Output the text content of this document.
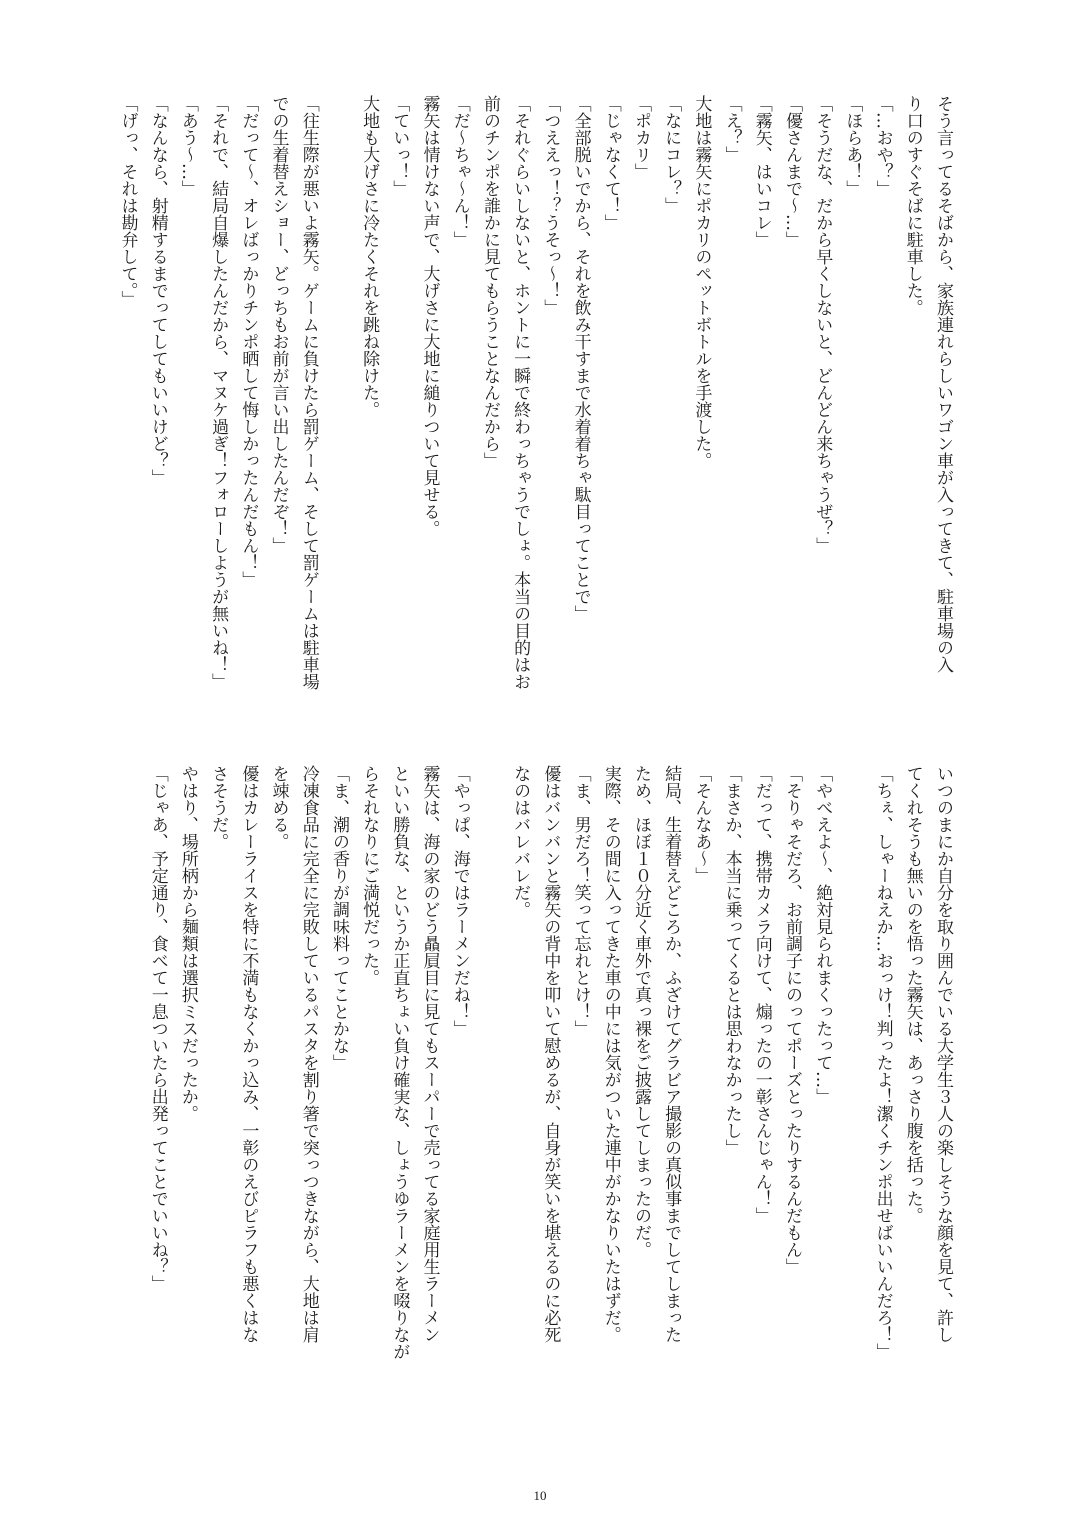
そう言ってるそばから、家族連れらしいワゴン車が入ってきて、駐車場の入
り口のすぐそばに駐車した。
「…おや？」
「ほらあ！」
「そうだな、だから早くしないと、どんどん来ちゃうぜ？」
「優さんまで〜…」
「霧矢、はいコレ」
「え？」
大地は霧矢にポカリのペットボトルを手渡した。
「なにコレ？」
「ポカリ」
「じゃなくて！」
「全部脱いでから、それを飲み干すまで水着着ちゃ駄目ってことで」
「つええっ！？うそっ〜！」
「それぐらいしないと、ホントに一瞬で終わっちゃうでしょ。本当の目的はお
前のチンポを誰かに見てもらうことなんだから」
「だ〜ちゃ〜ん！」
霧矢は情けない声で、大げさに大地に縋りついて見せる。
「ていっ！」
大地も大げさに冷たくそれを跳ね除けた。

「往生際が悪いよ霧矢。ゲームに負けたら罰ゲーム、そして罰ゲームは駐車場
での生着替えショー、どっちもお前が言い出したんだぞ！」
「だって〜、オレばっかりチンポ晒して悔しかったんだもん！」
「それで、結局自爆したんだから、マヌケ過ぎ！フォローしようが無いね！」
「あう〜…」
「なんなら、射精するまでってしてもいいけど？」
「げっ、それは勘弁して。」
いつのまにか自分を取り囲んでいる大学生３人の楽しそうな顔を見て、許し
てくれそうも無いのを悟った霧矢は、あっさり腹を括った。
「ちぇ、しゃーねえか…おっけ！判ったよ！潔くチンポ出せばいいんだろ！」

「やべえよ〜、絶対見られまくったって…」
「そりゃそだろ、お前調子にのってポーズとったりするんだもん」
「だって、携帯カメラ向けて、煽ったの一彰さんじゃん！」
「まさか、本当に乗ってくるとは思わなかったし」
「そんなあ〜」
結局、生着替えどころか、ふざけてグラビア撮影の真似事までしてしまった
ため、ほぼ１０分近く車外で真っ裸をご披露してしまったのだ。
実際、その間に入ってきた車の中には気がついた連中がかなりいたはずだ。
「ま、男だろ！笑って忘れとけ！」
優はバンバンと霧矢の背中を叩いて慰めるが、自身が笑いを堪えるのに必死
なのはバレバレだ。

「やっぱ、海ではラーメンだね！」
霧矢は、海の家のどう贔屓目に見てもスーパーで売ってる家庭用生ラーメン
といい勝負な、というか正直ちょい負け確実な、しょうゆラーメンを啜りなが
らそれなりにご満悦だった。
「ま、潮の香りが調味料ってことかな」
冷凍食品に完全に完敗しているパスタを割り箸で突っつきながら、大地は肩
を竦める。
優はカレーライスを特に不満もなくかっ込み、一彰のえびピラフも悪くはな
さそうだ。
やはり、場所柄から麺類は選択ミスだったか。
「じゃあ、予定通り、食べて一息ついたら出発ってことでいいね？」
10
